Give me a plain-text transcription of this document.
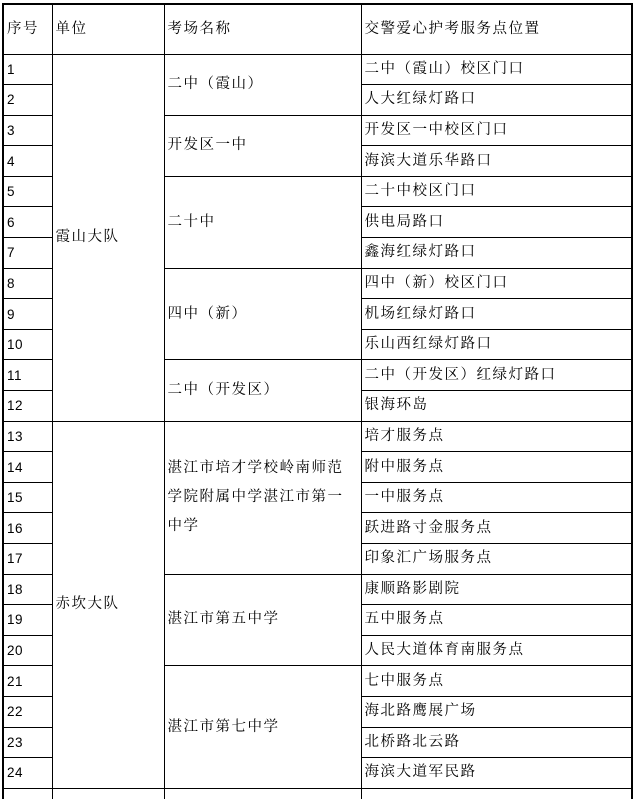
序号	单位	考场名称	交警爱心护考服务点位置
1	霞山大队	二中（霞山）	二中（霞山）校区门口
2			人大红绿灯路口
3		开发区一中	开发区一中校区门口
4			海滨大道乐华路口
5		二十中	二十中校区门口
6			供电局路口
7			鑫海红绿灯路口
8		四中（新）	四中（新）校区门口
9			机场红绿灯路口
10			乐山西红绿灯路口
11		二中（开发区）	二中（开发区）红绿灯路口
12			银海环岛
13	赤坎大队	湛江市培才学校岭南师范学院附属中学湛江市第一中学	培才服务点
14			附中服务点
15			一中服务点
16			跃进路寸金服务点
17			印象汇广场服务点
18		湛江市第五中学	康顺路影剧院
19			五中服务点
20			人民大道体育南服务点
21		湛江市第七中学	七中服务点
22			海北路鹰展广场
23			北桥路北云路
24			海滨大道军民路
